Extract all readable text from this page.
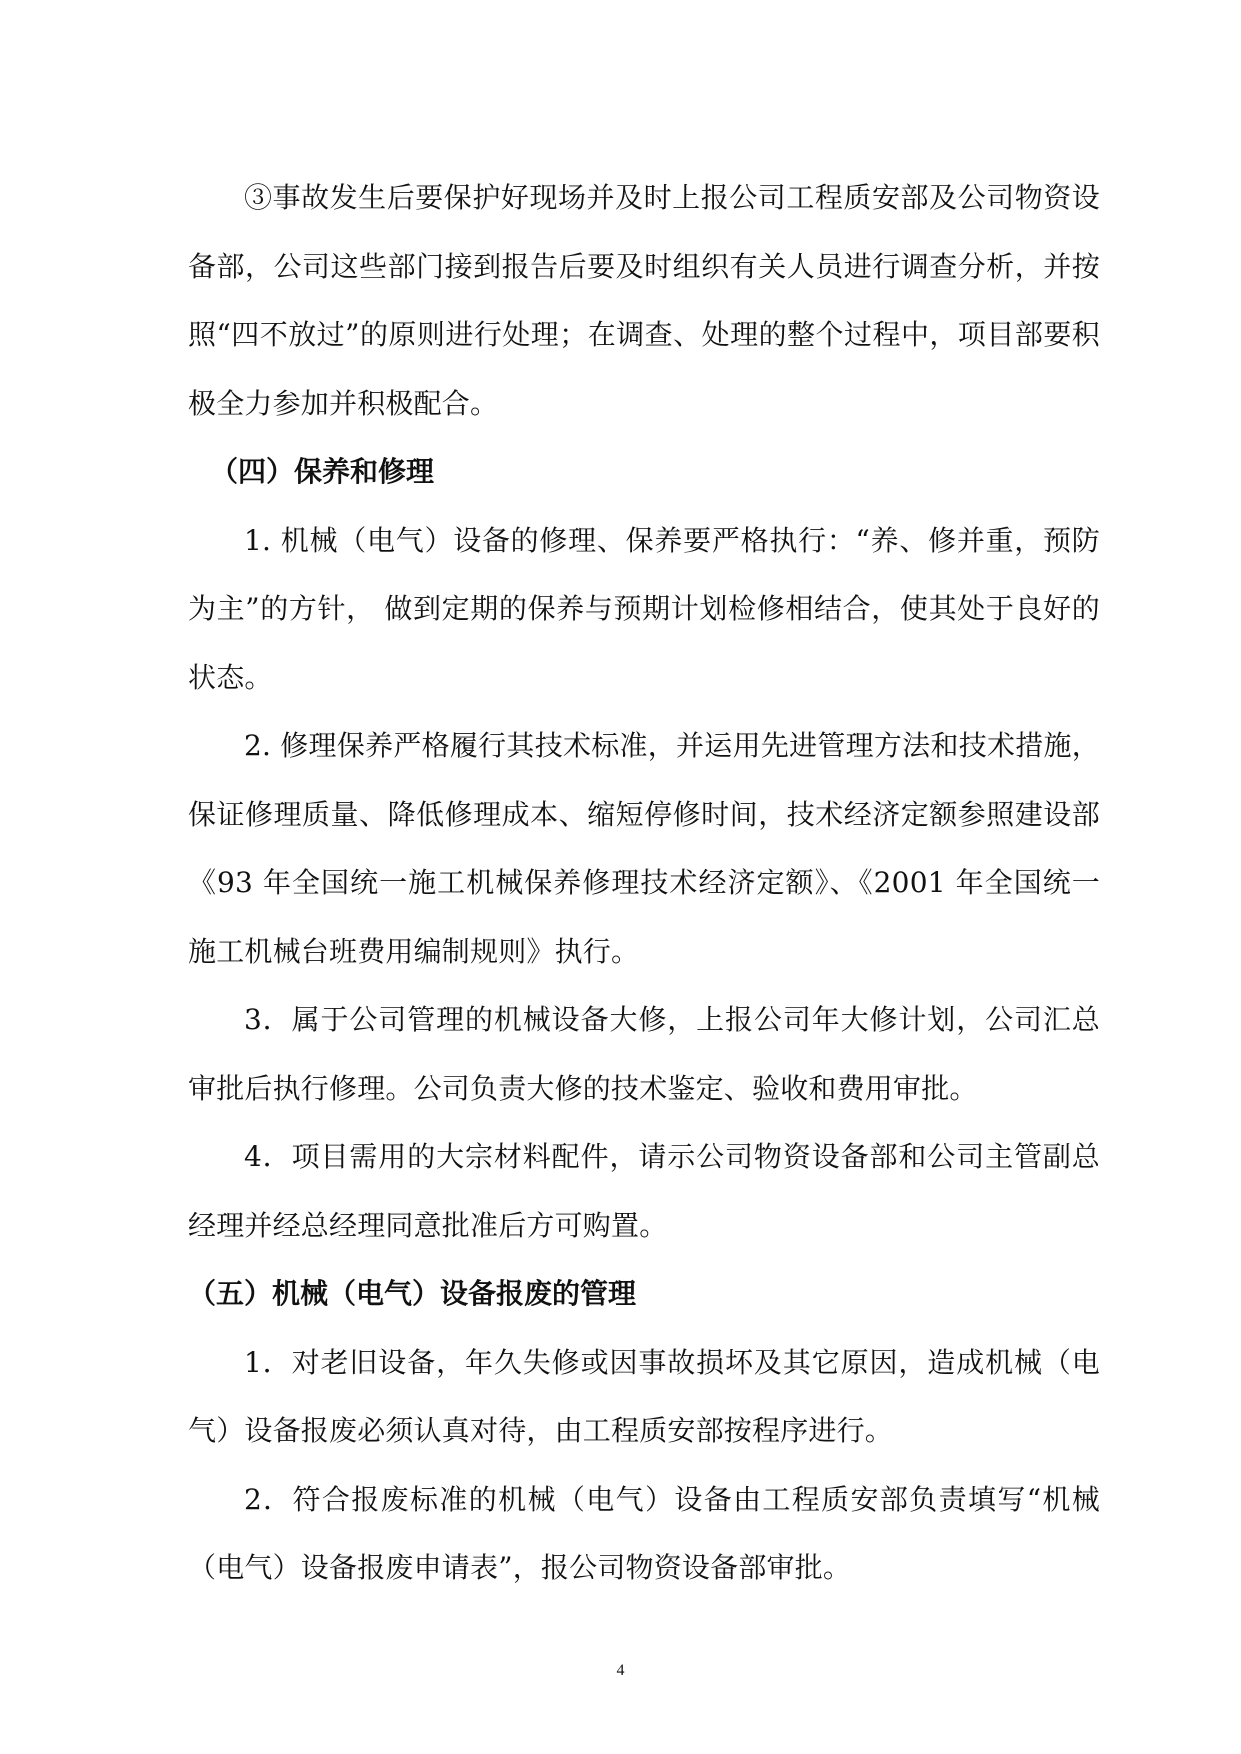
③事故发生后要保护好现场并及时上报公司工程质安部及公司物资设备部，公司这些部门接到报告后要及时组织有关人员进行调查分析，并按照“四不放过”的原则进行处理；在调查、处理的整个过程中，项目部要积极全力参加并积极配合。

（四）保养和修理

1. 机械（电气）设备的修理、保养要严格执行：“养、修并重，预防为主”的方针， 做到定期的保养与预期计划检修相结合，使其处于良好的状态。

2. 修理保养严格履行其技术标准，并运用先进管理方法和技术措施，保证修理质量、降低修理成本、缩短停修时间，技术经济定额参照建设部《93 年全国统一施工机械保养修理技术经济定额》、《2001 年全国统一施工机械台班费用编制规则》执行。

3．属于公司管理的机械设备大修，上报公司年大修计划，公司汇总审批后执行修理。公司负责大修的技术鉴定、验收和费用审批。

4．项目需用的大宗材料配件，请示公司物资设备部和公司主管副总经理并经总经理同意批准后方可购置。

（五）机械（电气）设备报废的管理

1．对老旧设备，年久失修或因事故损坏及其它原因，造成机械（电气）设备报废必须认真对待，由工程质安部按程序进行。

2．符合报废标准的机械（电气）设备由工程质安部负责填写“机械（电气）设备报废申请表”，报公司物资设备部审批。

4
